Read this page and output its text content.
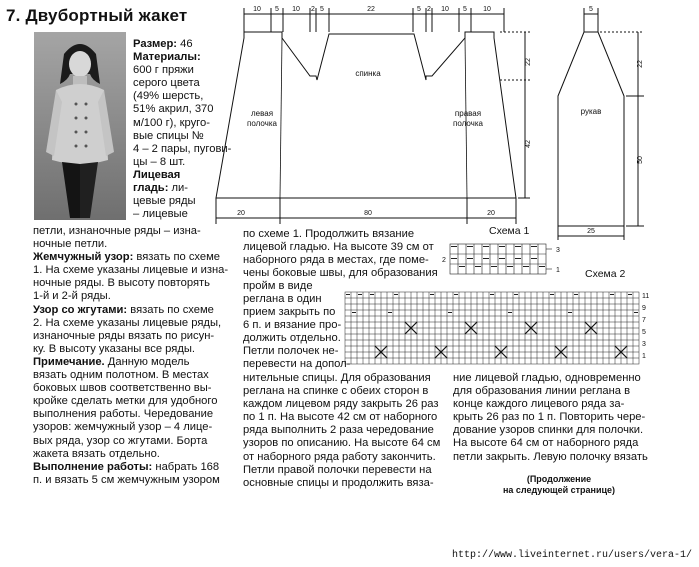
7. Двубортный жакет
Размер: 46
Материалы:
600 г пряжи
серого цвета
(49% шерсть,
51% акрил, 370
м/100 г), круго-
вые спицы №
4 – 2 пары, пугови-
цы – 8 шт.
Лицевая
гладь: ли-
цевые ряды
– лицевые
петли, изнаночные ряды – изна-
ночные петли.
Жемчужный узор: вязать по схеме
1. На схеме указаны лицевые и изна-
ночные ряды. В высоту повторять
1-й и 2-й ряды.
Узор со жгутами: вязать по схеме
2. На схеме указаны лицевые ряды,
изнаночные ряды вязать по рисун-
ку. В высоту указаны все ряды.
Примечание. Данную модель
вязать одним полотном. В местах
боковых швов соответственно вы-
кройке сделать метки для удобного
выполнения работы. Чередование
узоров: жемчужный узор – 4 лице-
вых ряда, узор со жгутами. Борта
жакета вязать отдельно.
Выполнение работы: набрать 168
п. и вязать 5 см жемчужным узором
по схеме 1. Продолжить вязание
лицевой гладью. На высоте 39 см от
наборного ряда в местах, где поме-
чены боковые швы, для образования
пройм в виде
реглана в один
прием закрыть по
6 п. и вязание про-
должить отдельно.
Петли полочек не-
перевести на допол-
нительные спицы. Для образования
реглана на спинке с обеих сторон в
каждом лицевом ряду закрыть 26 раз
по 1 п. На высоте 42 см от наборного
ряда выполнить 2 раза чередование
узоров по описанию. На высоте 64 см
от наборного ряда работу закончить.
Петли правой полочки перевести на
основные спицы и продолжить вяза-
ние лицевой гладью, одновременно
для образования линии реглана в
конце каждого лицевого ряда за-
крыть 26 раз по 1 п. Повторить чере-
дование узоров спинки для полочки.
На высоте 64 см от наборного ряда
петли закрыть. Левую полочку вязать
(Продолжение
на следующей странице)
http://www.liveinternet.ru/users/vera-1/
10 5 10 2 5	22	5 2 10 5 10
спинка
левая
полочка
правая
полочка
20	80	20
22
42
5
рукав
22
50
25
Схема 1
3
2
1 Схема 2
11
9
7
5
3
1
